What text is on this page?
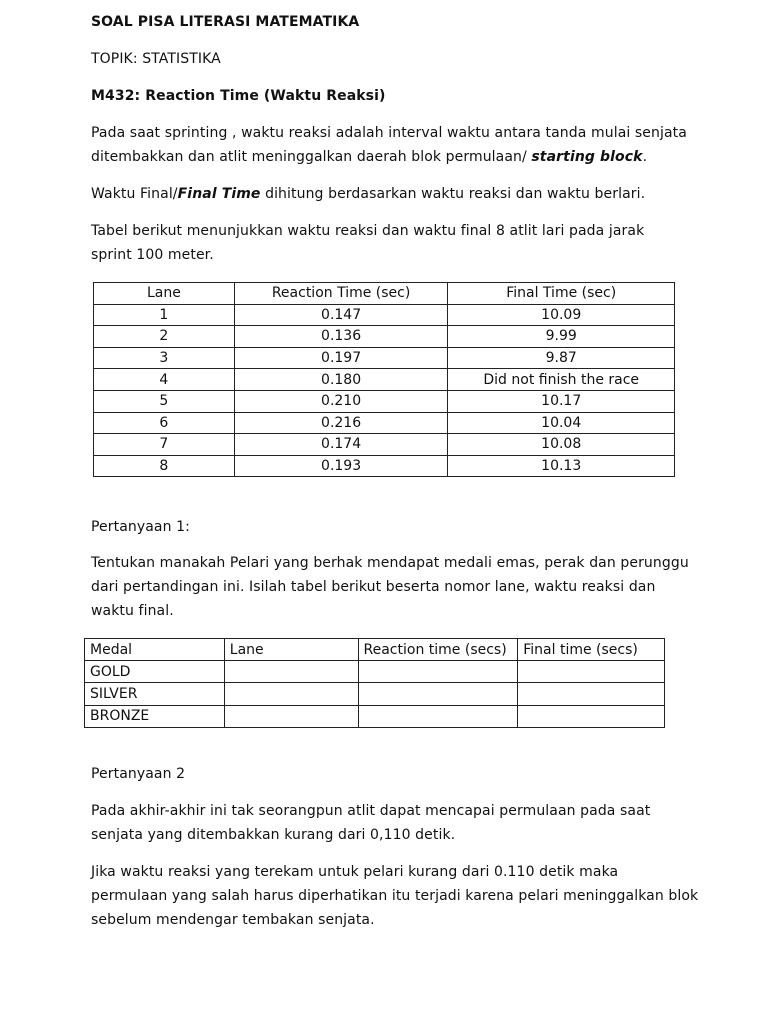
SOAL PISA LITERASI MATEMATIKA
TOPIK: STATISTIKA
M432: Reaction Time (Waktu Reaksi)
Pada saat sprinting , waktu reaksi adalah interval waktu antara tanda mulai senjata
ditembakkan dan atlit meninggalkan daerah blok permulaan/ starting block.
Waktu Final/Final Time dihitung berdasarkan waktu reaksi dan waktu berlari.
Tabel berikut menunjukkan waktu reaksi dan waktu final 8 atlit lari pada jarak
sprint 100 meter.
Lane	Reaction Time (sec)	Final Time (sec)
1	0.147	10.09
2	0.136	9.99
3	0.197	9.87
4	0.180	Did not finish the race
5	0.210	10.17
6	0.216	10.04
7	0.174	10.08
8	0.193	10.13
Pertanyaan 1:
Tentukan manakah Pelari yang berhak mendapat medali emas, perak dan perunggu
dari pertandingan ini. Isilah tabel berikut beserta nomor lane, waktu reaksi dan
waktu final.
Medal	Lane	Reaction time (secs)	Final time (secs)
GOLD			
SILVER			
BRONZE			
Pertanyaan 2
Pada akhir-akhir ini tak seorangpun atlit dapat mencapai permulaan pada saat
senjata yang ditembakkan kurang dari 0,110 detik.
Jika waktu reaksi yang terekam untuk pelari kurang dari 0.110 detik maka
permulaan yang salah harus diperhatikan itu terjadi karena pelari meninggalkan blok
sebelum mendengar tembakan senjata.
